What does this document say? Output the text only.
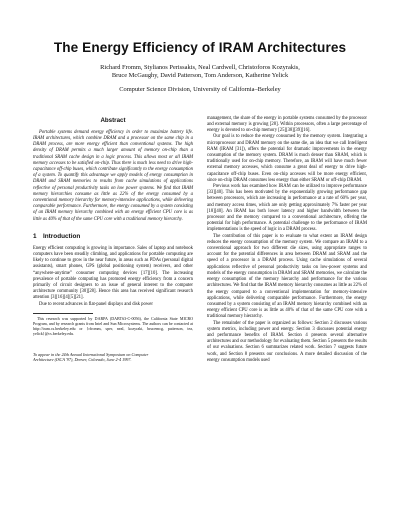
The Energy Efficiency of IRAM Architectures
Richard Fromm, Stylianos Perissakis, Neal Cardwell, Christoforos Kozyrakis,
Bruce McGaughy, David Patterson, Tom Anderson, Katherine Yelick
Computer Science Division, University of California–Berkeley
Abstract

Portable systems demand energy efficiency in order to maximize battery life. IRAM architectures, which combine DRAM and a processor on the same chip in a DRAM process, are more energy efficient than conventional systems. The high density of DRAM permits a much larger amount of memory on-chip than a traditional SRAM cache design in a logic process. This allows most or all IRAM memory accesses to be satisfied on-chip. Thus there is much less need to drive high-capacitance off-chip buses, which contribute significantly to the energy consumption of a system. To quantify this advantage we apply models of energy consumption in DRAM and SRAM memories to results from cache simulations of applications reflective of personal productivity tasks on low power systems. We find that IRAM memory hierarchies consume as little as 22% of the energy consumed by a conventional memory hierarchy for memory-intensive applications, while delivering comparable performance. Furthermore, the energy consumed by a system consisting of an IRAM memory hierarchy combined with an energy efficient CPU core is as little as 40% of that of the same CPU core with a traditional memory hierarchy.

1 Introduction

Energy efficient computing is growing in importance. Sales of laptop and notebook computers have been steadily climbing, and applications for portable computing are likely to continue to grow in the near future, in areas such as PDAs (personal digital assistants), smart phones, GPS (global positioning system) receivers, and other “anywhere-anytime” consumer computing devices [17][10]. The increasing prevalence of portable computing has promoted energy efficiency from a concern primarily of circuit designers to an issue of general interest to the computer architecture community [30][28]. Hence this area has received significant research attention [3][16][4][5][21].

Due to recent advances in flat-panel displays and disk power

This research was supported by DARPA (DABT63-C-0056), the California State MICRO Program, and by research grants from Intel and Sun Microsystems. The authors can be contacted at http://iram.cs.berkeley.edu or {rfromm, sper, neal, kozyraki, brucemcg, patterson, tea, yelick}@cs.berkeley.edu.

To appear in the 24th Annual International Symposium on Computer
Architecture (ISCA '97), Denver, Colorado, June 2-4 1997.

management, the share of the energy in portable systems consumed by the processor and external memory is growing [28]. Within processors, often a large percentage of energy is devoted to on-chip memory [25][38][39][16].

Our goal is to reduce the energy consumed by the memory system. Integrating a microprocessor and DRAM memory on the same die, an idea that we call Intelligent RAM (IRAM [31]), offers the potential for dramatic improvements in the energy consumption of the memory system. DRAM is much denser than SRAM, which is traditionally used for on-chip memory. Therefore, an IRAM will have much fewer external memory accesses, which consume a great deal of energy to drive high-capacitance off-chip buses. Even on-chip accesses will be more energy efficient, since on-chip DRAM consumes less energy than either SRAM or off-chip DRAM.

Previous work has examined how IRAM can be utilized to improve performance [33][40]. This has been motivated by the exponentially growing performance gap between processors, which are increasing in performance at a rate of 60% per year, and memory access times, which are only getting approximately 7% faster per year [18][40]. An IRAM has both lower latency and higher bandwidth between the processor and the memory compared to a conventional architecture, offering the potential for high performance. A potential challenge to the performance of IRAM implementations is the speed of logic in a DRAM process.

The contribution of this paper is to evaluate to what extent an IRAM design reduces the energy consumption of the memory system. We compare an IRAM to a conventional approach for two different die sizes, using appropriate ranges to account for the potential differences in area between DRAM and SRAM and the speed of a processor in a DRAM process. Using cache simulations of several applications reflective of personal productivity tasks on low-power systems and models of the energy consumption in DRAM and SRAM memories, we calculate the energy consumption of the memory hierarchy and performance for the various architectures. We find that the IRAM memory hierarchy consumes as little as 22% of the energy compared to a conventional implementation for memory-intensive applications, while delivering comparable performance. Furthermore, the energy consumed by a system consisting of an IRAM memory hierarchy combined with an energy efficient CPU core is as little as 40% of that of the same CPU core with a traditional memory hierarchy.

The remainder of the paper is organized as follows: Section 2 discusses various system metrics, including power and energy. Section 3 discusses potential energy and performance benefits of IRAM. Section 4 presents several alternative architectures and our methodology for evaluating them. Section 5 presents the results of our evaluations. Section 6 summarizes related work. Section 7 suggests future work, and Section 8 presents our conclusions. A more detailed discussion of the energy consumption models used
